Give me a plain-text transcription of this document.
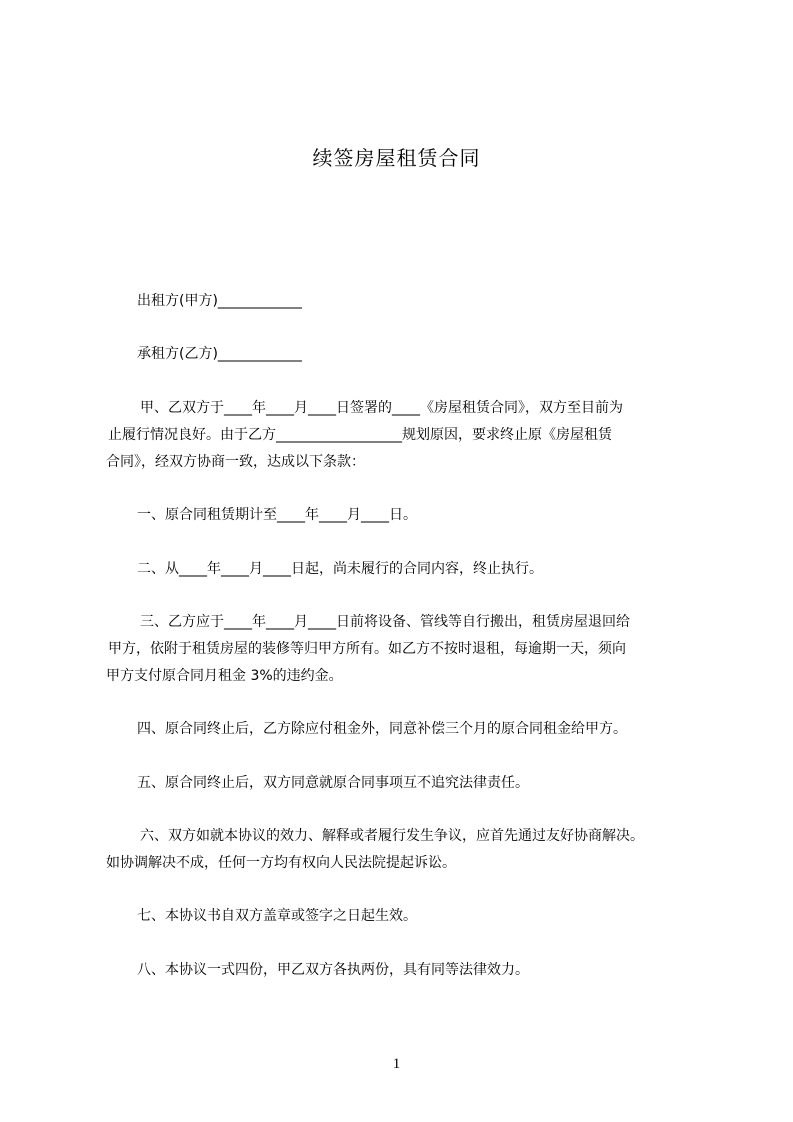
续签房屋租赁合同
出租方(甲方)____________
承租方(乙方)____________
甲、乙双方于____年____月____日签署的____《房屋租赁合同》，双方至目前为
止履行情况良好。由于乙方__________________规划原因，要求终止原《房屋租赁
合同》，经双方协商一致，达成以下条款：
一、原合同租赁期计至____年____月____日。
二、从____年____月____日起，尚未履行的合同内容，终止执行。
三、乙方应于____年____月____日前将设备、管线等自行搬出，租赁房屋退回给
甲方，依附于租赁房屋的装修等归甲方所有。如乙方不按时退租，每逾期一天，须向
甲方支付原合同月租金 3%的违约金。
四、原合同终止后，乙方除应付租金外，同意补偿三个月的原合同租金给甲方。
五、原合同终止后，双方同意就原合同事项互不追究法律责任。
六、双方如就本协议的效力、解释或者履行发生争议，应首先通过友好协商解决。
如协调解决不成，任何一方均有权向人民法院提起诉讼。
七、本协议书自双方盖章或签字之日起生效。
八、本协议一式四份，甲乙双方各执两份，具有同等法律效力。
1
